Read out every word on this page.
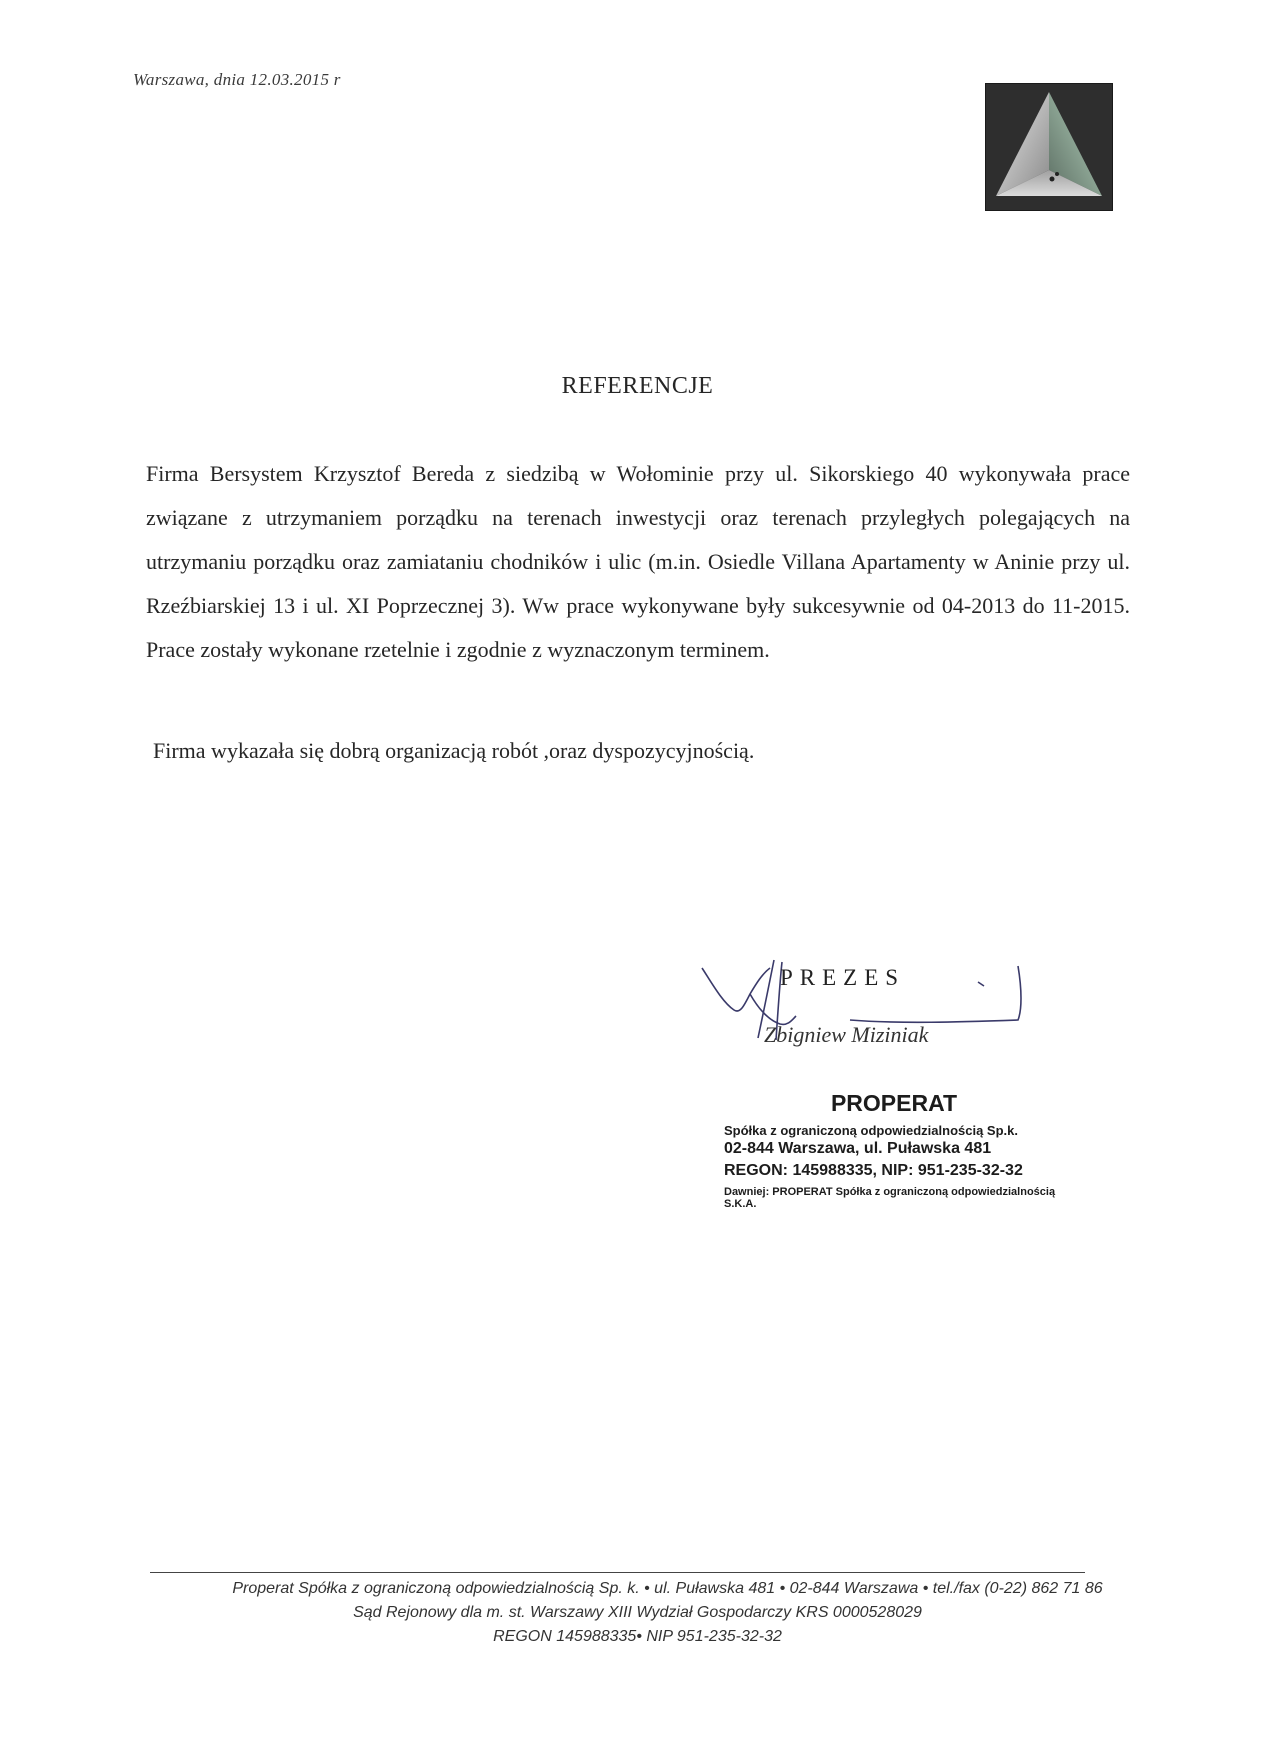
Warszawa, dnia 12.03.2015 r
REFERENCJE
Firma Bersystem Krzysztof Bereda z siedzibą w Wołominie przy ul. Sikorskiego 40 wykonywała prace związane z utrzymaniem porządku na terenach inwestycji oraz terenach przyległych polegających na utrzymaniu porządku oraz zamiataniu chodników i ulic (m.in. Osiedle Villana Apartamenty w Aninie przy ul. Rzeźbiarskiej 13 i ul. XI Poprzecznej 3). Ww prace wykonywane były sukcesywnie od 04-2013 do 11-2015. Prace zostały wykonane rzetelnie i zgodnie z wyznaczonym terminem.
Firma wykazała się dobrą organizacją robót ,oraz dyspozycyjnością.
PREZES
Zbigniew Miziniak
PROPERAT
Spółka z ograniczoną odpowiedzialnością Sp.k.
02-844 Warszawa, ul. Puławska 481
REGON: 145988335, NIP: 951-235-32-32
Dawniej: PROPERAT Spółka z ograniczoną odpowiedzialnością S.K.A.
Properat Spółka z ograniczoną odpowiedzialnością Sp. k. • ul. Puławska 481 • 02-844 Warszawa • tel./fax (0-22) 862 71 86
Sąd Rejonowy dla m. st. Warszawy XIII Wydział Gospodarczy KRS 0000528029
REGON 145988335• NIP 951-235-32-32
